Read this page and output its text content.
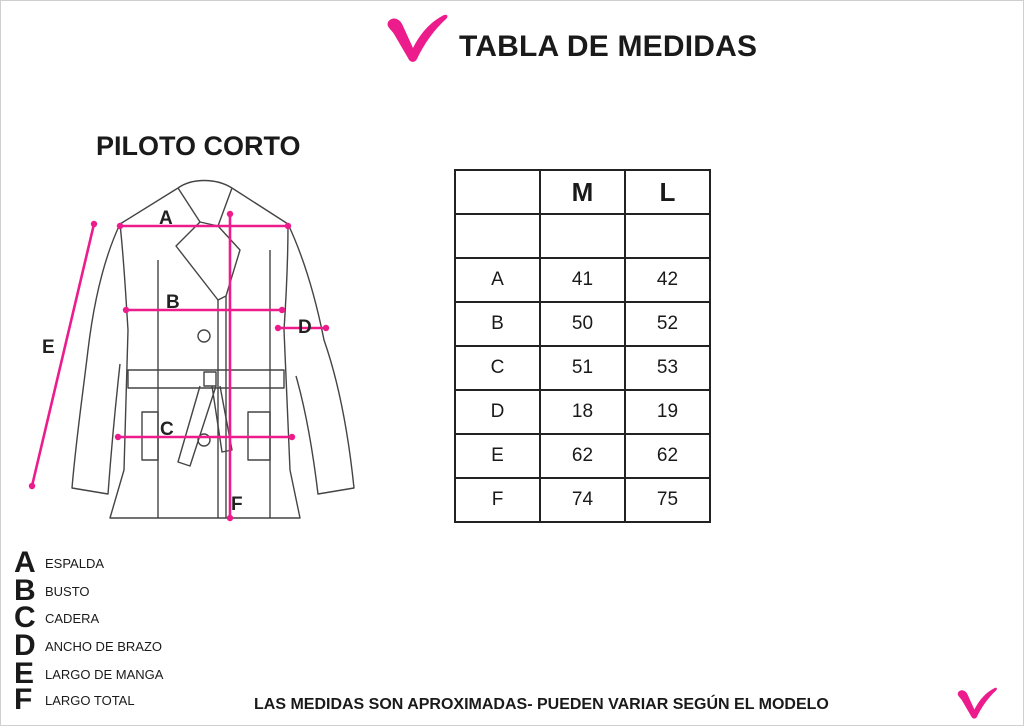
TABLA DE MEDIDAS
PILOTO CORTO
A
B
C
D
E
F
	M	L

A	41	42
B	50	52
C	51	53
D	18	19
E	62	62
F	74	75
A ESPALDA
B BUSTO
C CADERA
D ANCHO DE BRAZO
E LARGO DE MANGA
F LARGO TOTAL	LAS MEDIDAS SON APROXIMADAS- PUEDEN VARIAR SEGÚN EL MODELO
